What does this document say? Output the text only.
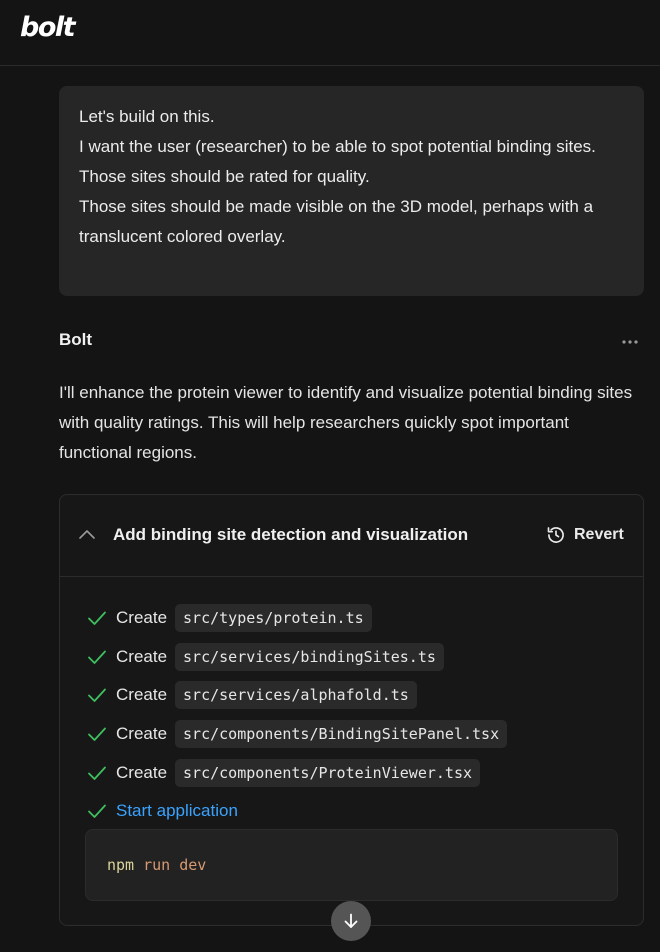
bolt

Let's build on this.

I want the user (researcher) to be able to spot potential binding sites.

Those sites should be rated for quality.

Those sites should be made visible on the 3D model, perhaps with a translucent colored overlay.

Bolt
I'll enhance the protein viewer to identify and visualize potential binding sites with quality ratings. This will help researchers quickly spot important functional regions.
Add binding site detection and visualization	Revert
Create	src/types/protein.ts
Create	src/services/bindingSites.ts
Create	src/services/alphafold.ts
Create	src/components/BindingSitePanel.tsx
Create	src/components/ProteinViewer.tsx
Start application
npm run dev
